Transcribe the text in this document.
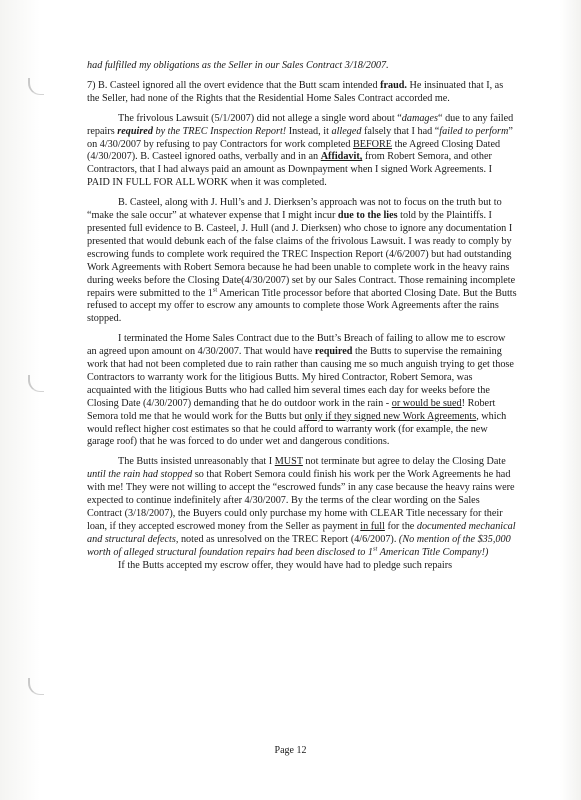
had fulfilled my obligations as the Seller in our Sales Contract 3/18/2007.

7) B. Casteel ignored all the overt evidence that the Butt scam intended fraud. He insinuated that I, as the Seller, had none of the Rights that the Residential Home Sales Contract accorded me.

The frivolous Lawsuit (5/1/2007) did not allege a single word about “damages“ due to any failed repairs required by the TREC Inspection Report! Instead, it alleged falsely that I had “failed to perform” on 4/30/2007 by refusing to pay Contractors for work completed BEFORE the Agreed Closing Dated (4/30/2007). B. Casteel ignored oaths, verbally and in an Affidavit, from Robert Semora, and other Contractors, that I had always paid an amount as Downpayment when I signed Work Agreements. I PAID IN FULL FOR ALL WORK when it was completed.

B. Casteel, along with J. Hull’s and J. Dierksen’s approach was not to focus on the truth but to “make the sale occur” at whatever expense that I might incur due to the lies told by the Plaintiffs. I presented full evidence to B. Casteel, J. Hull (and J. Dierksen) who chose to ignore any documentation I presented that would debunk each of the false claims of the frivolous Lawsuit. I was ready to comply by escrowing funds to complete work required the TREC Inspection Report (4/6/2007) but had outstanding Work Agreements with Robert Semora because he had been unable to complete work in the heavy rains during weeks before the Closing Date(4/30/2007) set by our Sales Contract. Those remaining incomplete repairs were submitted to the 1st American Title processor before that aborted Closing Date. But the Butts refused to accept my offer to escrow any amounts to complete those Work Agreements after the rains stopped.

I terminated the Home Sales Contract due to the Butt’s Breach of failing to allow me to escrow an agreed upon amount on 4/30/2007. That would have required the Butts to supervise the remaining work that had not been completed due to rain rather than causing me so much anguish trying to get those Contractors to warranty work for the litigious Butts. My hired Contractor, Robert Semora, was acquainted with the litigious Butts who had called him several times each day for weeks before the Closing Date (4/30/2007) demanding that he do outdoor work in the rain - or would be sued! Robert Semora told me that he would work for the Butts but only if they signed new Work Agreements, which would reflect higher cost estimates so that he could afford to warranty work (for example, the new garage roof) that he was forced to do under wet and dangerous conditions.

The Butts insisted unreasonably that I MUST not terminate but agree to delay the Closing Date until the rain had stopped so that Robert Semora could finish his work per the Work Agreements he had with me! They were not willing to accept the “escrowed funds” in any case because the heavy rains were expected to continue indefinitely after 4/30/2007. By the terms of the clear wording on the Sales Contract (3/18/2007), the Buyers could only purchase my home with CLEAR Title necessary for their loan, if they accepted escrowed money from the Seller as payment in full for the documented mechanical and structural defects, noted as unresolved on the TREC Report (4/6/2007). (No mention of the $35,000 worth of alleged structural foundation repairs had been disclosed to 1st American Title Company!)

If the Butts accepted my escrow offer, they would have had to pledge such repairs

Page 12
